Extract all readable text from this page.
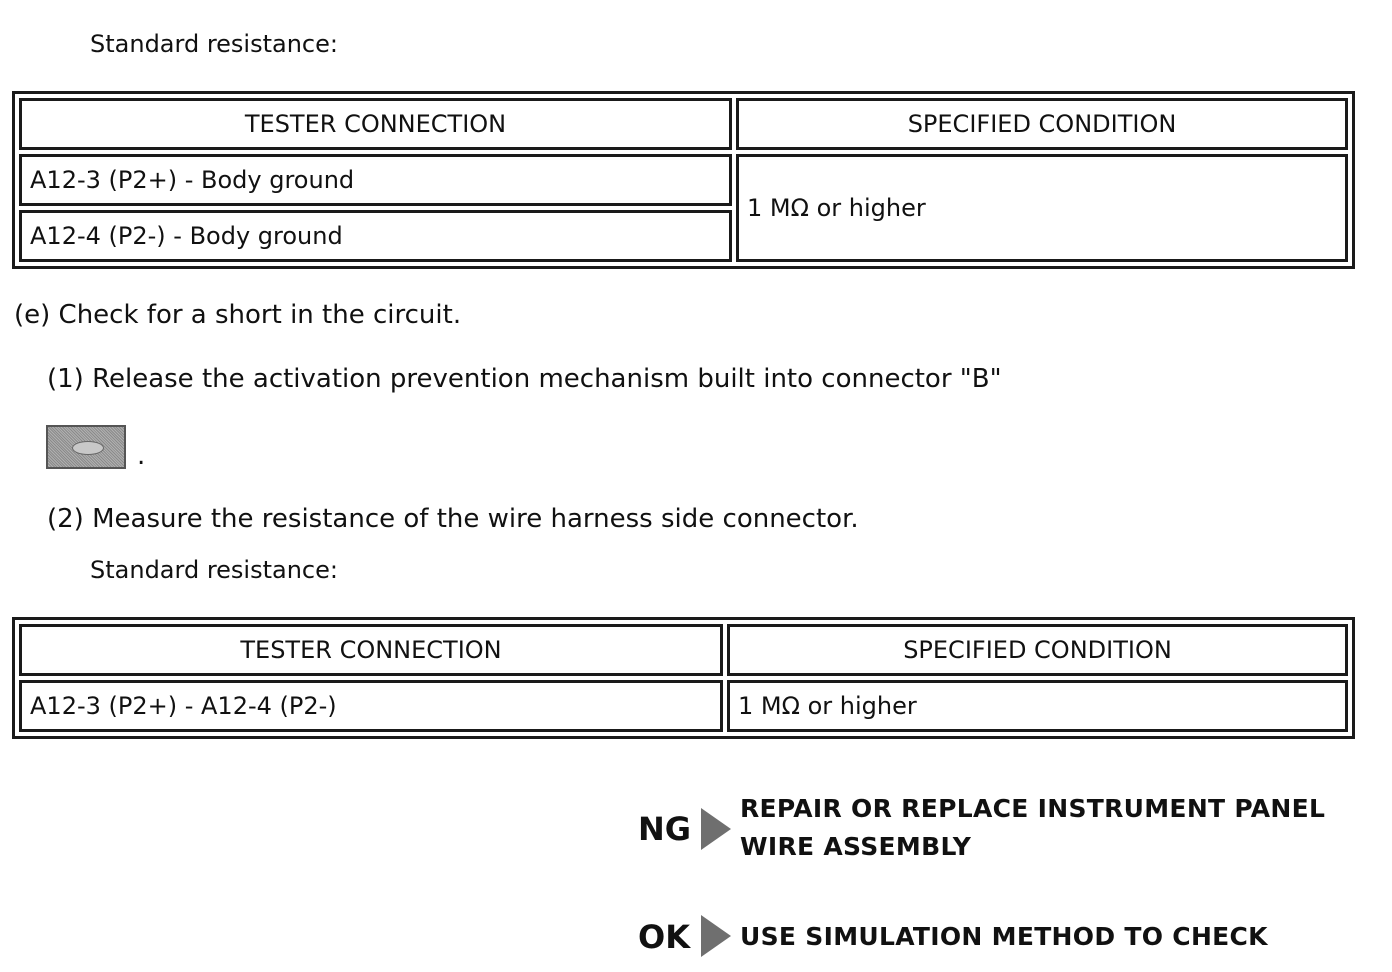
Standard resistance:
TESTER CONNECTION	SPECIFIED CONDITION
A12-3 (P2+) - Body ground	1 MΩ or higher
A12-4 (P2-) - Body ground	
(e) Check for a short in the circuit.
(1) Release the activation prevention mechanism built into connector "B"
.
(2) Measure the resistance of the wire harness side connector.
Standard resistance:
TESTER CONNECTION	SPECIFIED CONDITION
A12-3 (P2+) - A12-4 (P2-)	1 MΩ or higher
NG
REPAIR OR REPLACE INSTRUMENT PANEL
WIRE ASSEMBLY
OK USE SIMULATION METHOD TO CHECK
